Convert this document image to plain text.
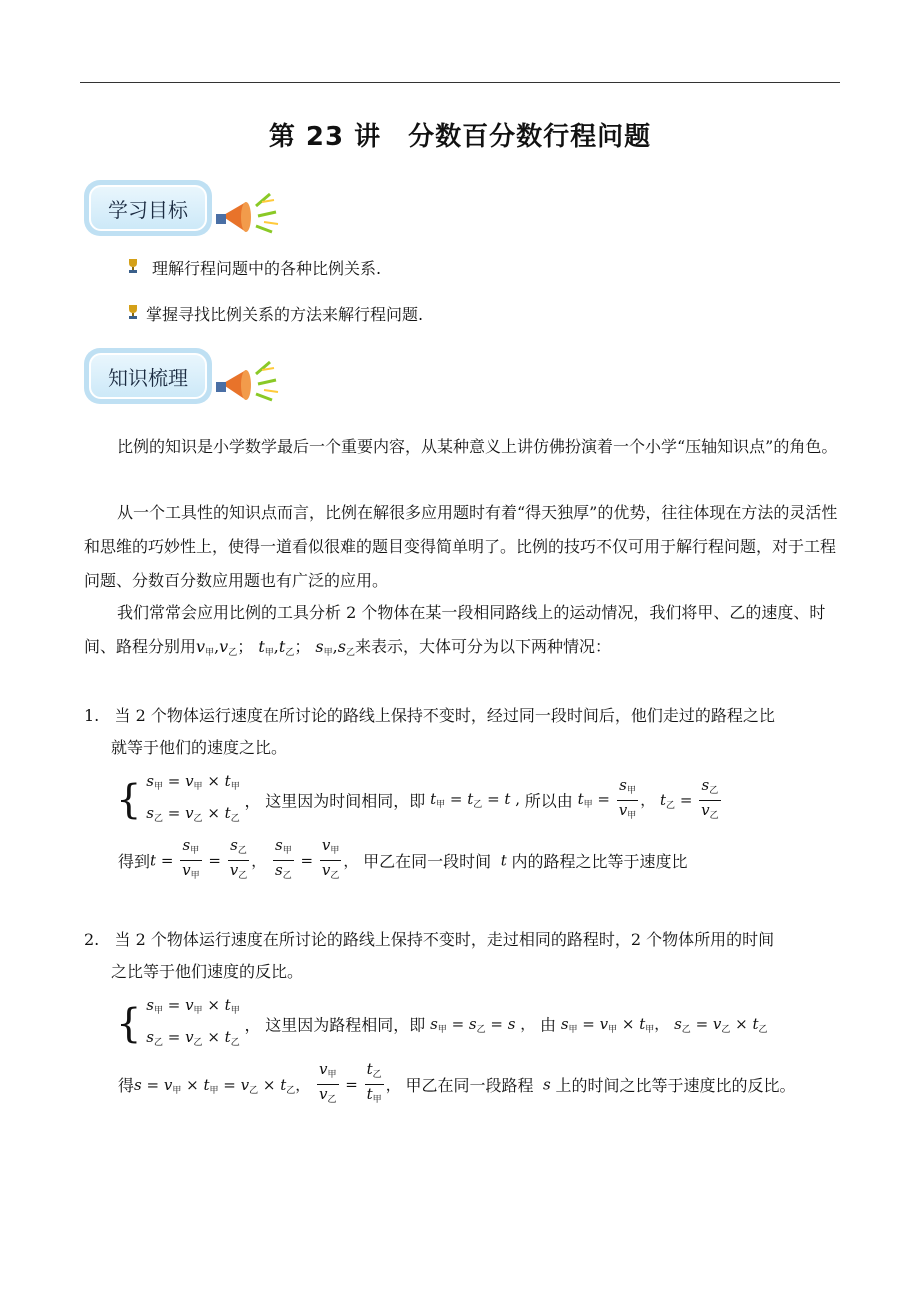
第 23 讲　分数百分数行程问题
学习目标
理解行程问题中的各种比例关系.
掌握寻找比例关系的方法来解行程问题.
知识梳理
比例的知识是小学数学最后一个重要内容，从某种意义上讲仿佛扮演着一个小学“压轴知识点”的角色。
从一个工具性的知识点而言，比例在解很多应用题时有着“得天独厚”的优势，往往体现在方法的灵活性和思维的巧妙性上，使得一道看似很难的题目变得简单明了。比例的技巧不仅可用于解行程问题，对于工程问题、分数百分数应用题也有广泛的应用。
我们常常会应用比例的工具分析 2 个物体在某一段相同路线上的运动情况，我们将甲、乙的速度、时间、路程分别用$v_甲,v_乙$； $t_甲,t_乙$； $s_甲,s_乙$来表示，大体可分为以下两种情况：
1. 当 2 个物体运行速度在所讨论的路线上保持不变时，经过同一段时间后，他们走过的路程之比
就等于他们的速度之比。
{ $s_甲 = v_甲 \times t_甲$
$s_乙 = v_乙 \times t_乙$ ， 这里因为时间相同，即 $t_甲 = t_乙 = t$ , 所以由 $t_甲 = \frac{s_甲}{v_甲}$ ， $t_乙 = \frac{s_乙}{v_乙}$
得到$t = \frac{s_甲}{v_甲} = \frac{s_乙}{v_乙}$ ， $\frac{s_甲}{s_乙} = \frac{v_甲}{v_乙}$ ， 甲乙在同一段时间  t 内的路程之比等于速度比
2. 当 2 个物体运行速度在所讨论的路线上保持不变时，走过相同的路程时，2 个物体所用的时间
之比等于他们速度的反比。
{ $s_甲 = v_甲 \times t_甲$
$s_乙 = v_乙 \times t_乙$ ， 这里因为路程相同，即 $s_甲 = s_乙 = s$ ， 由 $s_甲 = v_甲 \times t_甲$， $s_乙 = v_乙 \times t_乙$
得$s = v_甲 \times t_甲 = v_乙 \times t_乙$， $\frac{v_甲}{v_乙} = \frac{t_乙}{t_甲}$ ， 甲乙在同一段路程  s 上的时间之比等于速度比的反比。
